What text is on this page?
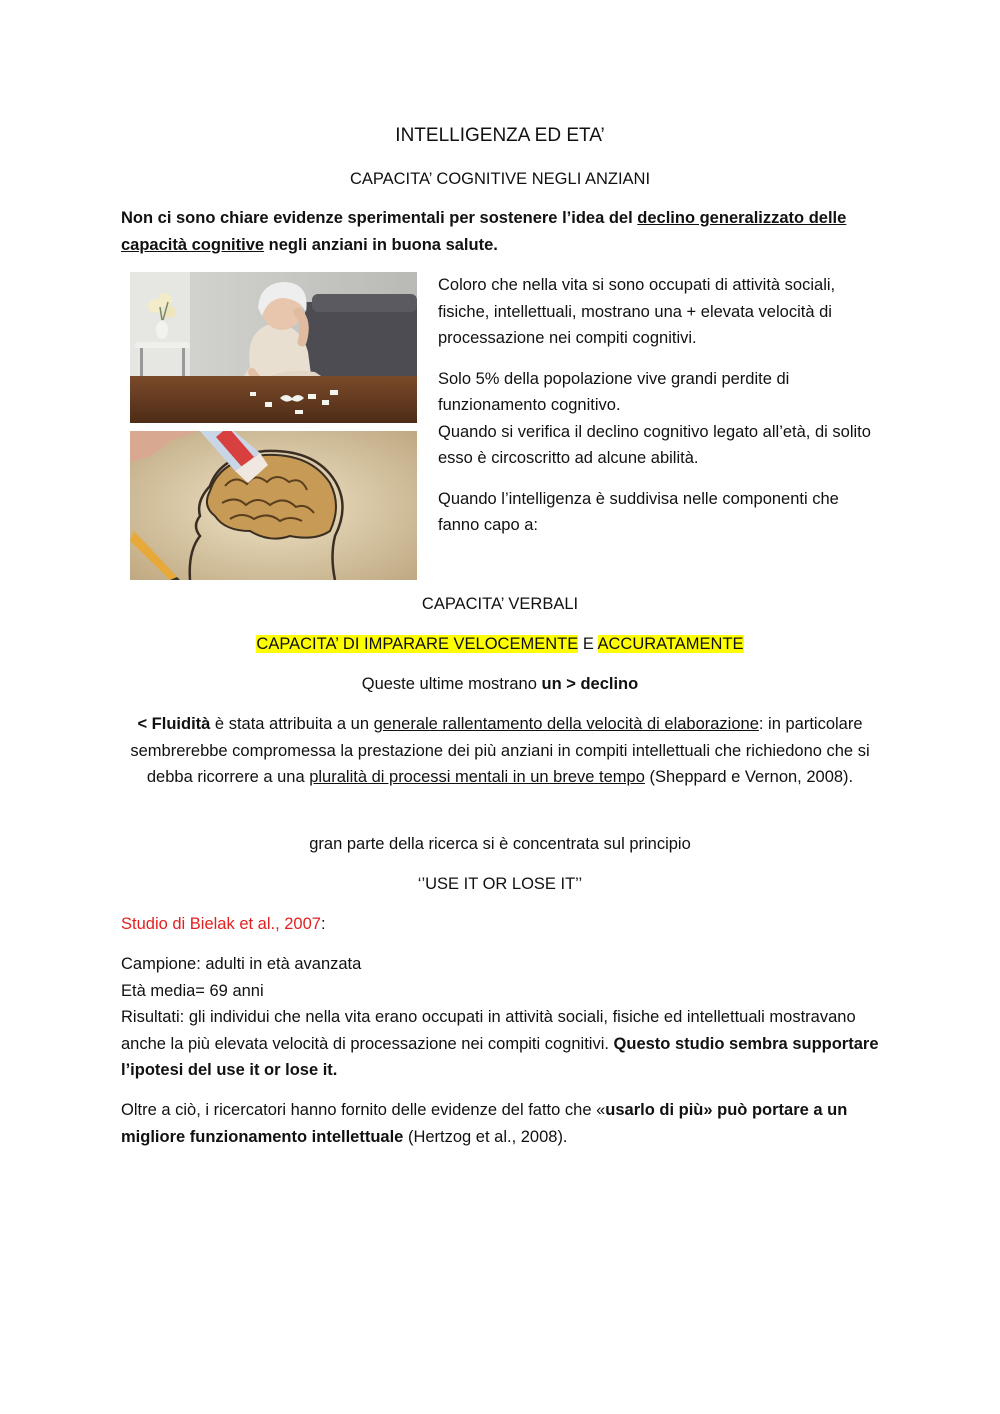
INTELLIGENZA ED ETA’
CAPACITA’ COGNITIVE NEGLI ANZIANI

Non ci sono chiare evidenze sperimentali per sostenere l’idea del declino generalizzato delle capacità cognitive negli anziani in buona salute.

Coloro che nella vita si sono occupati di attività sociali, fisiche, intellettuali, mostrano una + elevata velocità di processazione nei compiti cognitivi.

Solo 5% della popolazione vive grandi perdite di funzionamento cognitivo.
Quando si verifica il declino cognitivo legato all’età, di solito esso è circoscritto ad alcune abilità.

Quando l’intelligenza è suddivisa nelle componenti che fanno capo a:

CAPACITA’ VERBALI
CAPACITA’ DI IMPARARE VELOCEMENTE E ACCURATAMENTE
Queste ultime mostrano un > declino

< Fluidità è stata attribuita a un generale rallentamento della velocità di elaborazione: in particolare sembrerebbe compromessa la prestazione dei più anziani in compiti intellettuali che richiedono che si debba ricorrere a una pluralità di processi mentali in un breve tempo (Sheppard e Vernon, 2008).

gran parte della ricerca si è concentrata sul principio
‘’USE IT OR LOSE IT’’
Studio di Bielak et al., 2007:

Campione: adulti in età avanzata
Età media= 69 anni
Risultati: gli individui che nella vita erano occupati in attività sociali, fisiche ed intellettuali mostravano anche la più elevata velocità di processazione nei compiti cognitivi. Questo studio sembra supportare l’ipotesi del use it or lose it.

Oltre a ciò, i ricercatori hanno fornito delle evidenze del fatto che «usarlo di più» può portare a un migliore funzionamento intellettuale (Hertzog et al., 2008).
